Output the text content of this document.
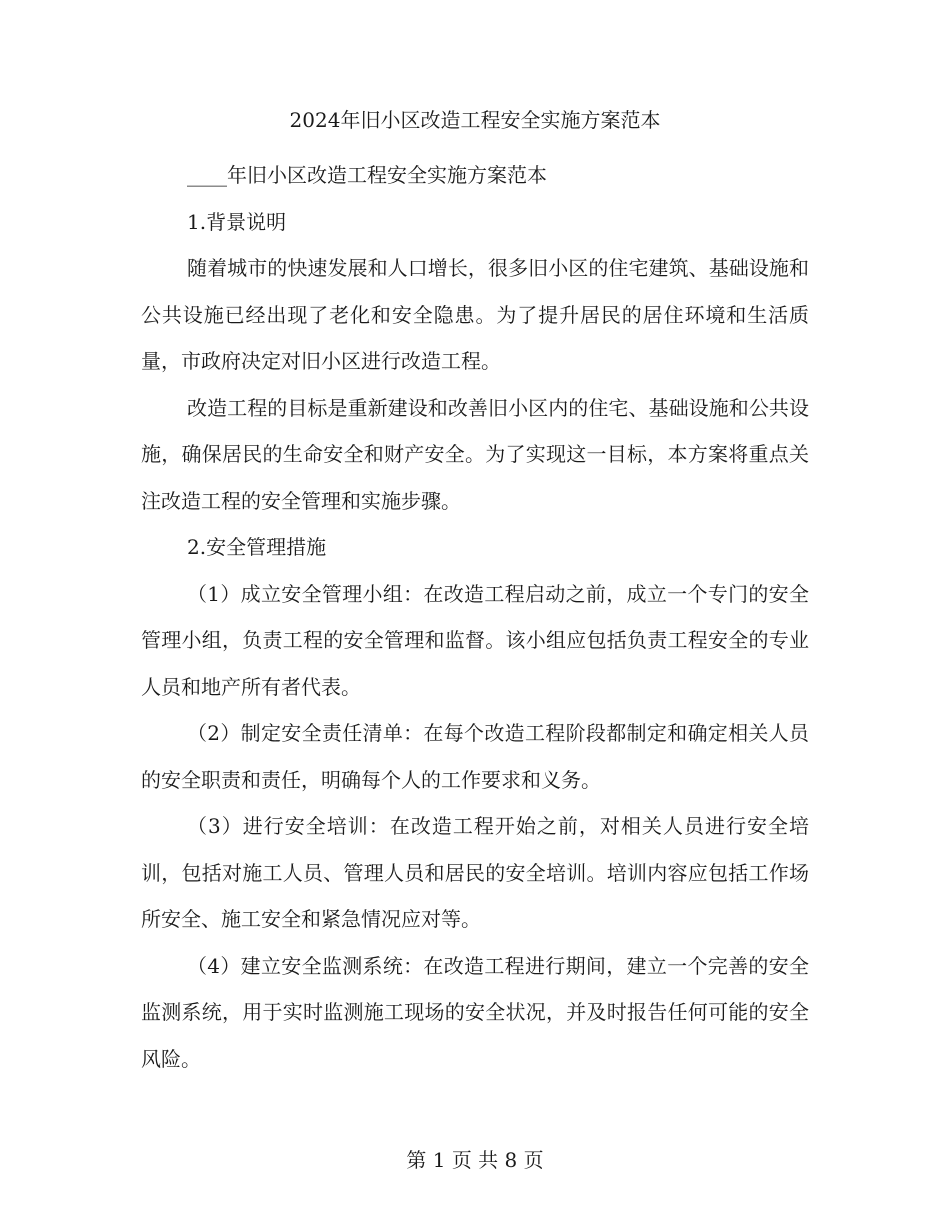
2024年旧小区改造工程安全实施方案范本

____年旧小区改造工程安全实施方案范本

1.背景说明

随着城市的快速发展和人口增长，很多旧小区的住宅建筑、基础设施和公共设施已经出现了老化和安全隐患。为了提升居民的居住环境和生活质量，市政府决定对旧小区进行改造工程。

改造工程的目标是重新建设和改善旧小区内的住宅、基础设施和公共设施，确保居民的生命安全和财产安全。为了实现这一目标，本方案将重点关注改造工程的安全管理和实施步骤。

2.安全管理措施

（1）成立安全管理小组：在改造工程启动之前，成立一个专门的安全管理小组，负责工程的安全管理和监督。该小组应包括负责工程安全的专业人员和地产所有者代表。

（2）制定安全责任清单：在每个改造工程阶段都制定和确定相关人员的安全职责和责任，明确每个人的工作要求和义务。

（3）进行安全培训：在改造工程开始之前，对相关人员进行安全培训，包括对施工人员、管理人员和居民的安全培训。培训内容应包括工作场所安全、施工安全和紧急情况应对等。

（4）建立安全监测系统：在改造工程进行期间，建立一个完善的安全监测系统，用于实时监测施工现场的安全状况，并及时报告任何可能的安全风险。

第 1 页 共 8 页
